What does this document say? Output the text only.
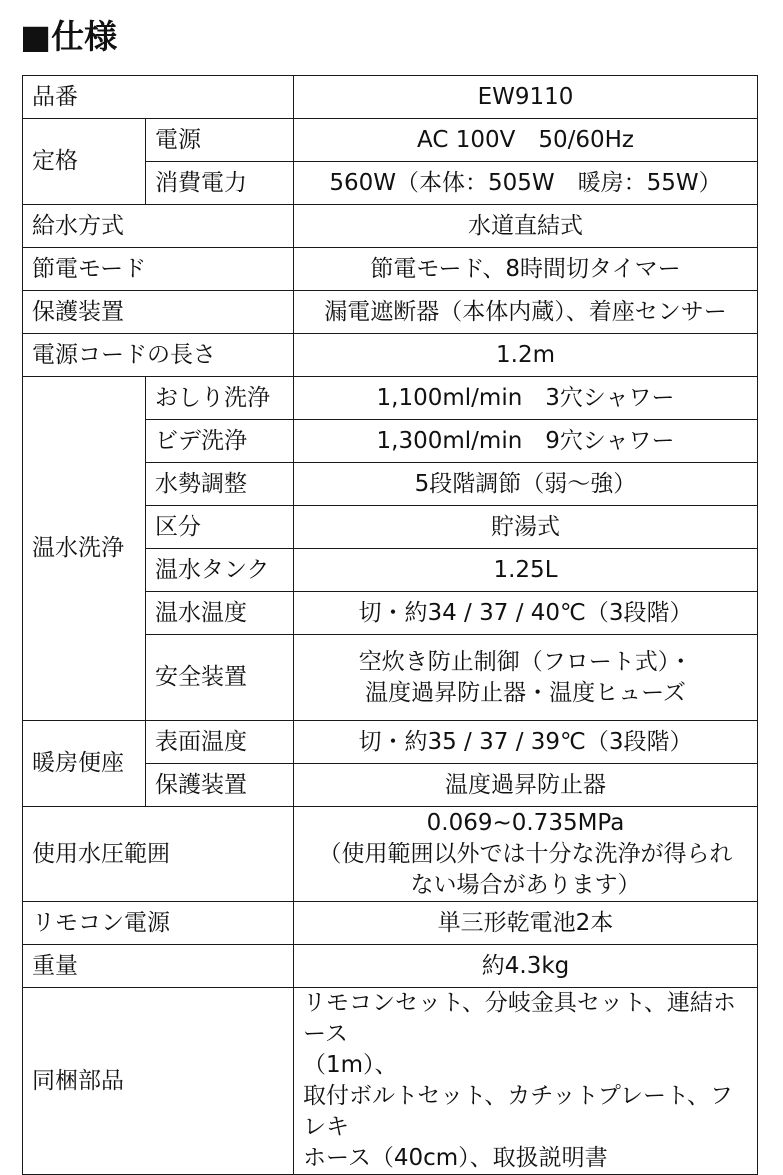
■仕様
品番		EW9110
定格	電源	AC 100V　50/60Hz
	消費電力	560W（本体：505W　暖房：55W）
給水方式		水道直結式
節電モード		節電モード、8時間切タイマー
保護装置		漏電遮断器（本体内蔵）、着座センサー
電源コードの長さ		1.2m
温水洗浄	おしり洗浄	1,100ml/min　3穴シャワー
	ビデ洗浄	1,300ml/min　9穴シャワー
	水勢調整	5段階調節（弱～強）
	区分	貯湯式
	温水タンク	1.25L
	温水温度	切・約34 / 37 / 40℃（3段階）
	安全装置	空炊き防止制御（フロート式）・
温度過昇防止器・温度ヒューズ

暖房便座	表面温度	切・約35 / 37 / 39℃（3段階）
	保護装置	温度過昇防止器
使用水圧範囲		0.069~0.735MPa
（使用範囲以外では十分な洗浄が得られ
ない場合があります）

リモコン電源		単三形乾電池2本
重量		約4.3kg
同梱部品		リモコンセット、分岐金具セット、連結ホース
（1m）、
取付ボルトセット、カチットプレート、フレキ
ホース（40cm）、取扱説明書
